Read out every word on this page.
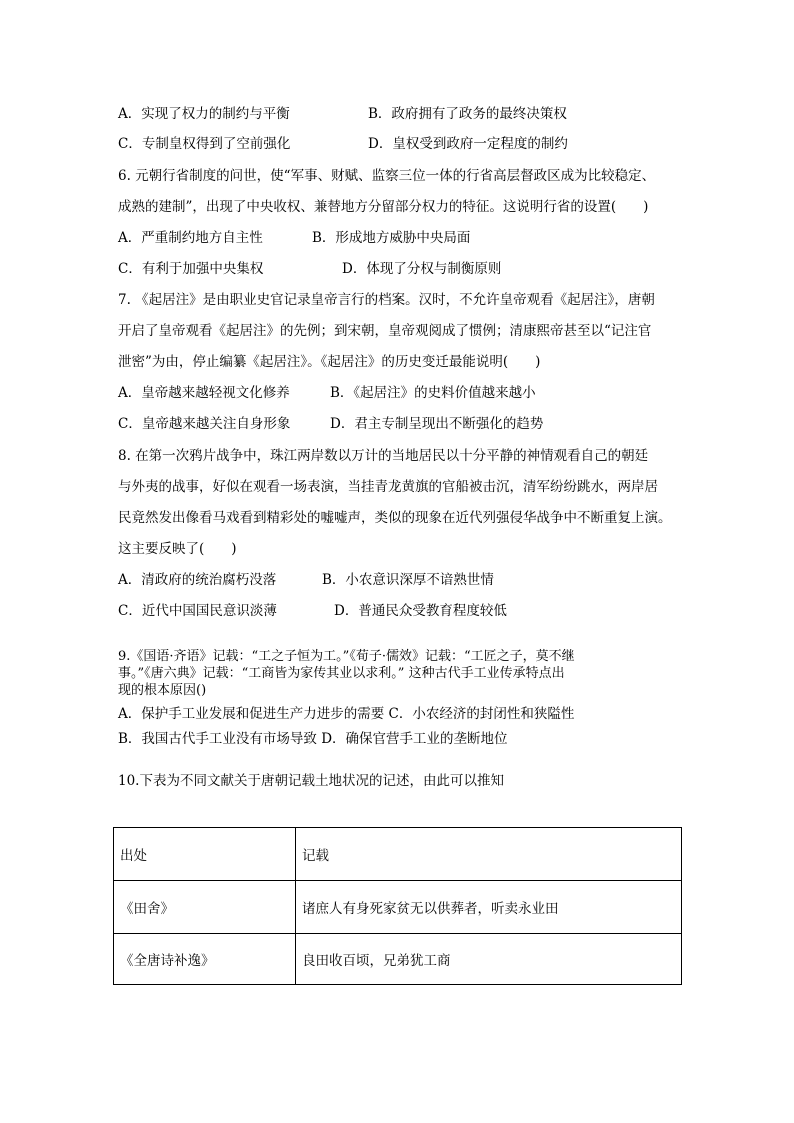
A．实现了权力的制约与平衡	B．政府拥有了政务的最终决策权
C．专制皇权得到了空前强化	D．皇权受到政府一定程度的制约
6. 元朝行省制度的问世，使“军事、财赋、监察三位一体的行省高层督政区成为比较稳定、
成熟的建制”，出现了中央收权、兼替地方分留部分权力的特征。这说明行省的设置(　　)
A．严重制约地方自主性	B．形成地方威胁中央局面
C．有利于加强中央集权	D．体现了分权与制衡原则
7. 《起居注》是由职业史官记录皇帝言行的档案。汉时，不允许皇帝观看《起居注》，唐朝
开启了皇帝观看《起居注》的先例；到宋朝，皇帝观阅成了惯例；清康熙帝甚至以“记注官
泄密”为由，停止编纂《起居注》。《起居注》的历史变迁最能说明(　　)
A．皇帝越来越轻视文化修养	B．《起居注》的史料价值越来越小
C．皇帝越来越关注自身形象	D．君主专制呈现出不断强化的趋势
8. 在第一次鸦片战争中，珠江两岸数以万计的当地居民以十分平静的神情观看自己的朝廷
与外夷的战事，好似在观看一场表演，当挂青龙黄旗的官船被击沉，清军纷纷跳水，两岸居
民竟然发出像看马戏看到精彩处的嘘嘘声，类似的现象在近代列强侵华战争中不断重复上演。
这主要反映了(　　)
A．清政府的统治腐朽没落	B．小农意识深厚不谙熟世情
C．近代中国国民意识淡薄	D．普通民众受教育程度较低
9.《国语·齐语》记载：“工之子恒为工。”《荀子·儒效》记载：“工匠之子，莫不继
事。”《唐六典》记载：“工商皆为家传其业以求利。” 这种古代手工业传承特点出
现的根本原因()
A．保护手工业发展和促进生产力进步的需要 C．小农经济的封闭性和狭隘性
B．我国古代手工业没有市场导致 D．确保官营手工业的垄断地位
10.下表为不同文献关于唐朝记载土地状况的记述，由此可以推知
出处	记载
《田舍》	诸庶人有身死家贫无以供葬者，听卖永业田
《全唐诗补逸》	良田收百顷，兄弟犹工商
